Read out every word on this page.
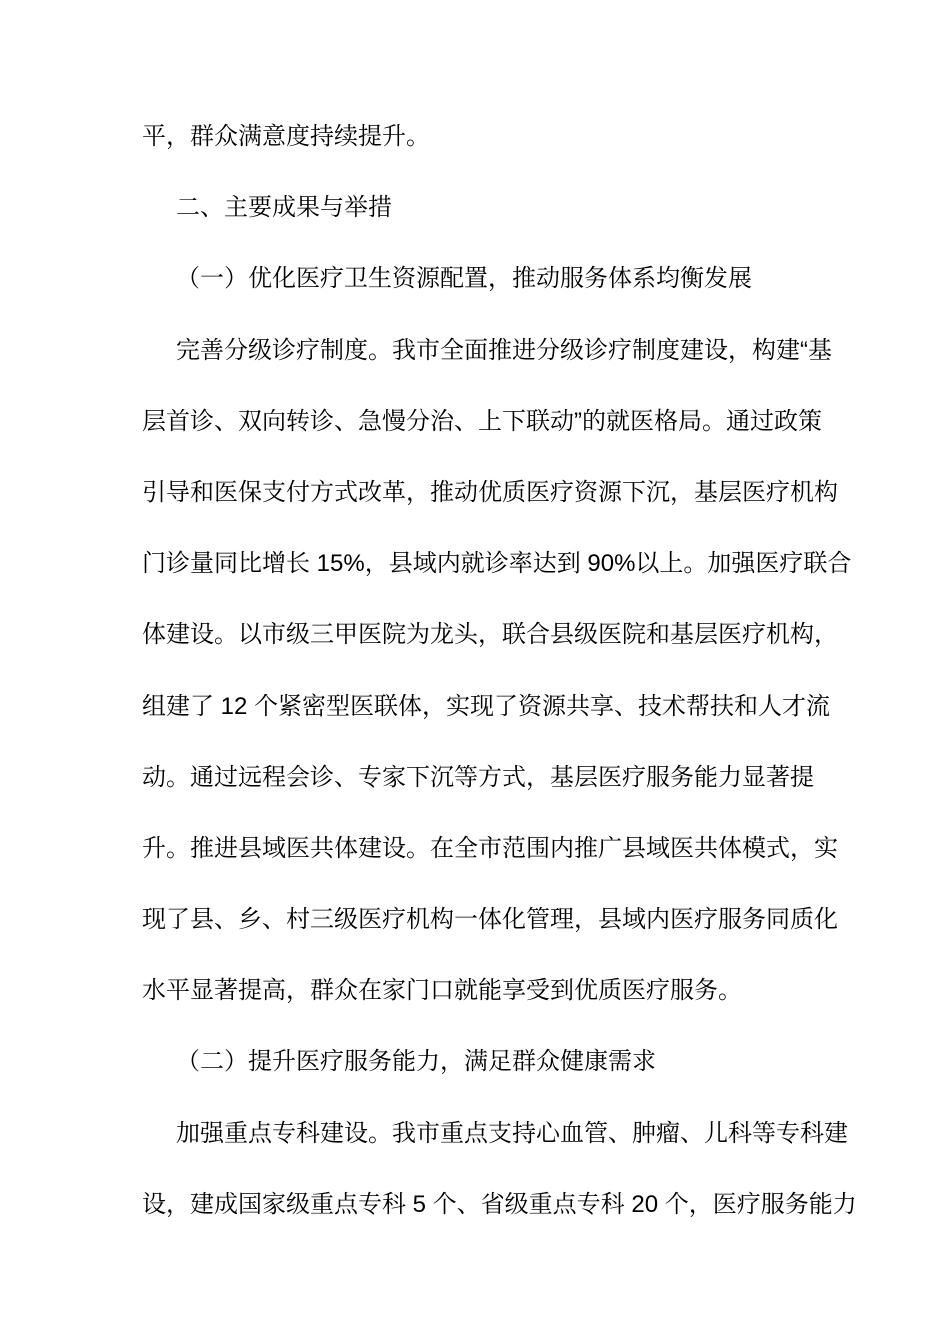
平，群众满意度持续提升。
二、主要成果与举措
（一）优化医疗卫生资源配置，推动服务体系均衡发展
完善分级诊疗制度。我市全面推进分级诊疗制度建设，构建“基
层首诊、双向转诊、急慢分治、上下联动”的就医格局。通过政策
引导和医保支付方式改革，推动优质医疗资源下沉，基层医疗机构
门诊量同比增长 15%，县域内就诊率达到 90%以上。加强医疗联合
体建设。以市级三甲医院为龙头，联合县级医院和基层医疗机构，
组建了 12 个紧密型医联体，实现了资源共享、技术帮扶和人才流
动。通过远程会诊、专家下沉等方式，基层医疗服务能力显著提
升。推进县域医共体建设。在全市范围内推广县域医共体模式，实
现了县、乡、村三级医疗机构一体化管理，县域内医疗服务同质化
水平显著提高，群众在家门口就能享受到优质医疗服务。
（二）提升医疗服务能力，满足群众健康需求
加强重点专科建设。我市重点支持心血管、肿瘤、儿科等专科建
设，建成国家级重点专科 5 个、省级重点专科 20 个，医疗服务能力
